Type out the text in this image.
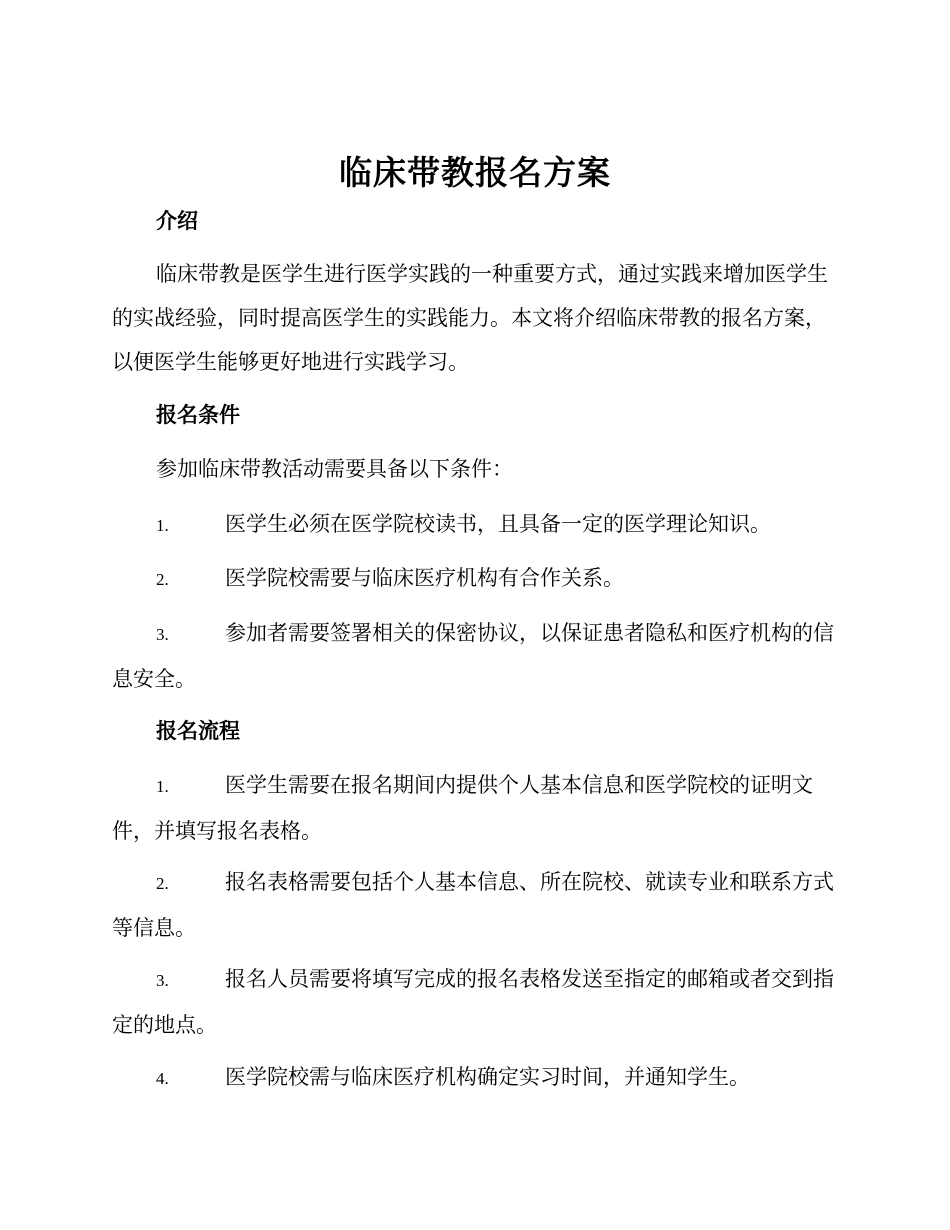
临床带教报名方案
介绍
临床带教是医学生进行医学实践的一种重要方式，通过实践来增加医学生的实战经验，同时提高医学生的实践能力。本文将介绍临床带教的报名方案，以便医学生能够更好地进行实践学习。
报名条件
参加临床带教活动需要具备以下条件：
1.	医学生必须在医学院校读书，且具备一定的医学理论知识。
2.	医学院校需要与临床医疗机构有合作关系。
3.	参加者需要签署相关的保密协议，以保证患者隐私和医疗机构的信息安全。
报名流程
1.	医学生需要在报名期间内提供个人基本信息和医学院校的证明文件，并填写报名表格。
2.	报名表格需要包括个人基本信息、所在院校、就读专业和联系方式等信息。
3.	报名人员需要将填写完成的报名表格发送至指定的邮箱或者交到指定的地点。
4.	医学院校需与临床医疗机构确定实习时间，并通知学生。
